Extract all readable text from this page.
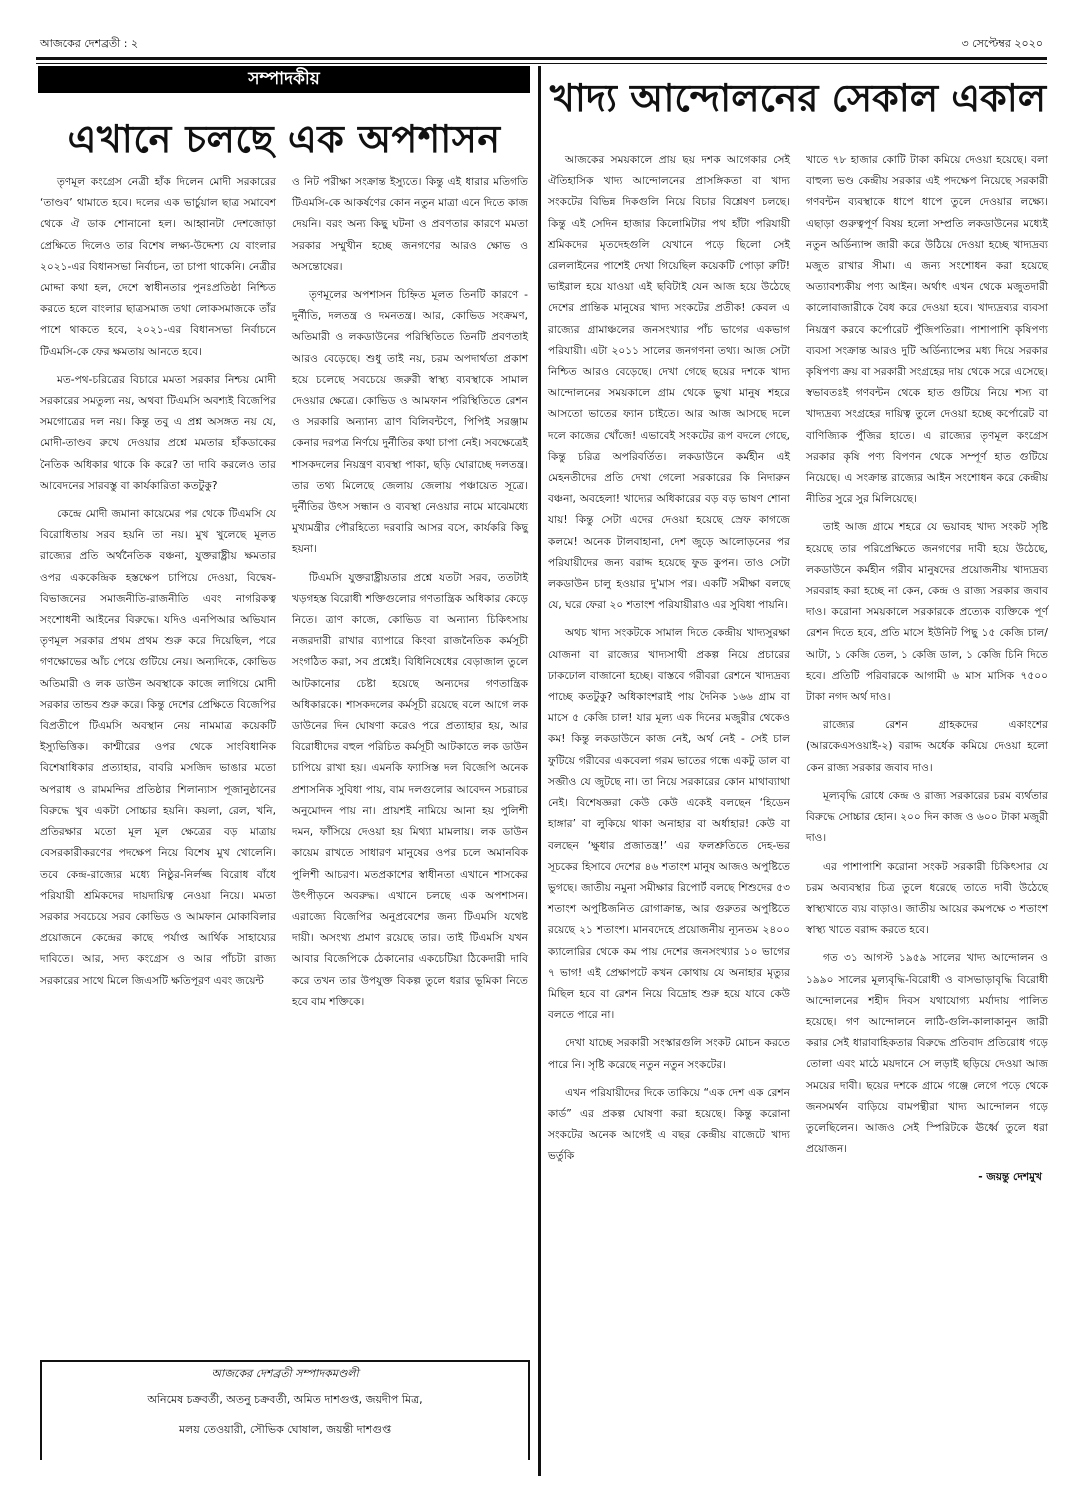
আজকের দেশব্রতী : ২	৩ সেপ্টেম্বর ২০২০
সম্পাদকীয়
এখানে চলছে এক অপশাসন

তৃণমূল কংগ্রেস নেত্রী হাঁক দিলেন মোদী সরকারের ‘তাণ্ডব’ থামাতে হবে। দলের এক ভার্চুয়াল ছাত্র সমাবেশ থেকে ঐ ডাক শোনানো হল। আহ্বানটা দেশজোড়া প্রেক্ষিতে দিলেও তার বিশেষ লক্ষ্য-উদ্দেশ্য যে বাংলার ২০২১-এর বিধানসভা নির্বাচন, তা চাপা থাকেনি। নেত্রীর মোদ্দা কথা হল, দেশে স্বাধীনতার পুনঃপ্রতিষ্ঠা নিশ্চিত করতে হলে বাংলার ছাত্রসমাজ তথা লোকসমাজকে তাঁর পাশে থাকতে হবে, ২০২১-এর বিধানসভা নির্বাচনে টিএমসি-কে ফের ক্ষমতায় আনতে হবে।

মত-পথ-চরিত্রের বিচারে মমতা সরকার নিশ্চয় মোদী সরকারের সমতুল্য নয়, অথবা টিএমসি অবশ্যই বিজেপির সমগোত্রের দল নয়। কিন্তু তবু এ প্রশ্ন অসঙ্গত নয় যে, মোদী-তাণ্ডব রুখে দেওয়ার প্রশ্নে মমতার হাঁকডাকের নৈতিক অধিকার থাকে কি করে? তা দাবি করলেও তার আবেদনের সারবস্তু বা কার্যকারিতা কতটুকু?

কেন্দ্রে মোদী জমানা কায়েমের পর থেকে টিএমসি যে বিরোধিতায় সরব হয়নি তা নয়। মুখ খুলেছে মূলত রাজ্যের প্রতি অর্থনৈতিক বঞ্চনা, যুক্তরাষ্ট্রীয় ক্ষমতার ওপর এককেন্দ্রিক হস্তক্ষেপ চাপিয়ে দেওয়া, বিদ্বেষ-বিভাজনের সমাজনীতি-রাজনীতি এবং নাগরিকত্ব সংশোধনী আইনের বিরুদ্ধে। যদিও এনপিআর অভিযান তৃণমূল সরকার প্রথম প্রথম শুরু করে দিয়েছিল, পরে গণক্ষোভের আঁচ পেয়ে গুটিয়ে নেয়। অন্যদিকে, কোভিড অতিমারী ও লক ডাউন অবস্থাকে কাজে লাগিয়ে মোদী সরকার তান্ডব শুরু করে। কিন্তু দেশের প্রেক্ষিতে বিজেপির বিপ্রতীপে টিএমসি অবস্থান নেয় নামমাত্র কয়েকটি ইস্যুভিত্তিক। কাশ্মীরের ওপর থেকে সাংবিধানিক বিশেষাধিকার প্রত্যাহার, বাবরি মসজিদ ভাঙার মতো অপরাধ ও রামমন্দির প্রতিষ্ঠার শিলান্যাস পূজানুষ্ঠানের বিরুদ্ধে খুব একটা সোচ্চার হয়নি। কয়লা, রেল, খনি, প্রতিরক্ষার মতো মূল মূল ক্ষেত্রের বড় মাত্রায় বেসরকারীকরণের পদক্ষেপ নিয়ে বিশেষ মুখ খোলেনি। তবে কেন্দ্র-রাজ্যের মধ্যে নিষ্ঠুর-নির্লজ্জ বিরোধ বাঁধে পরিযায়ী শ্রমিকদের দায়দায়িত্ব নেওয়া নিয়ে। মমতা সরকার সবচেয়ে সরব কোভিড ও আমফান মোকাবিলার প্রয়োজনে কেন্দ্রের কাছে পর্যাপ্ত আর্থিক সাহায্যের দাবিতে। আর, সদ্য কংগ্রেস ও আর পাঁচটা রাজ্য সরকারের সাথে মিলে জিএসটি ক্ষতিপূরণ এবং জয়েন্ট

ও নিট পরীক্ষা সংক্রান্ত ইস্যুতে। কিন্তু এই ধারার মতিগতি টিএমসি-কে আকর্ষণের কোন নতুন মাত্রা এনে দিতে কাজ দেয়নি। বরং অন্য কিছু ঘটনা ও প্রবণতার কারণে মমতা সরকার সম্মুখীন হচ্ছে জনগণের আরও ক্ষোভ ও অসন্তোষের।

তৃণমূলের অপশাসন চিহ্নিত মূলত তিনটি কারণে - দুর্নীতি, দলতন্ত্র ও দমনতন্ত্র। আর, কোভিড সংক্রমণ, অতিমারী ও লকডাউনের পরিস্থিতিতে তিনটি প্রবণতাই আরও বেড়েছে। শুধু তাই নয়, চরম অপদার্থতা প্রকাশ হয়ে চলেছে সবচেয়ে জরুরী স্বাস্থ্য ব্যবস্থাকে সামাল দেওয়ার ক্ষেত্রে। কোভিড ও আমফান পরিস্থিতিতে রেশন ও সরকারি অন্যান্য ত্রাণ বিলিবন্টণে, পিপিই সরঞ্জাম কেনার দরপত্র নির্ণয়ে দুর্নীতির কথা চাপা নেই। সবক্ষেত্রেই শাসকদলের নিয়ন্ত্রণ ব্যবস্থা পাকা, ছড়ি ঘোরাচ্ছে দলতন্ত্র। তার তথ্য মিলেছে জেলায় জেলায় পঞ্চায়েত সূত্রে। দুর্নীতির উৎস সন্ধান ও ব্যবস্থা নেওয়ার নামে মাঝেমধ্যে মুখ্যমন্ত্রীর পৌরহিত্যে দরবারি আসর বসে, কার্যকরি কিছু হয়না।

টিএমসি যুক্তরাষ্ট্রীয়তার প্রশ্নে যতটা সরব, ততটাই খড়গহস্ত বিরোধী শক্তিগুলোর গণতান্ত্রিক অধিকার কেড়ে নিতে। ত্রাণ কাজে, কোভিড বা অন্যান্য চিকিৎসায় নজরদারী রাখার ব্যাপারে কিংবা রাজনৈতিক কর্মসূচী সংগঠিত করা, সব প্রশ্নেই। বিধিনিষেধের বেড়াজাল তুলে আটকানোর চেষ্টা হয়েছে অন্যদের গণতান্ত্রিক অধিকারকে। শাসকদলের কর্মসূচী রয়েছে বলে আগে লক ডাউনের দিন ঘোষণা করেও পরে প্রত্যাহার হয়, আর বিরোধীদের বহুল পরিচিত কর্মসূচী আটকাতে লক ডাউন চাপিয়ে রাখা হয়। এমনকি ফ্যাসিস্ত দল বিজেপি অনেক প্রশাসনিক সুবিধা পায়, বাম দলগুলোর আবেদন সচরাচর অনুমোদন পায় না। প্রায়শই নামিয়ে আনা হয় পুলিশী দমন, ফাঁসিয়ে দেওয়া হয় মিথ্যা মামলায়। লক ডাউন কায়েম রাখতে সাধারণ মানুষের ওপর চলে অমানবিক পুলিশী আচরণ। মতপ্রকাশের স্বাধীনতা এখানে শাসকের উৎপীড়নে অবরুদ্ধ। এখানে চলছে এক অপশাসন। এরাজ্যে বিজেপির অনুপ্রবেশের জন্য টিএমসি যথেষ্ট দায়ী। অসংখ্য প্রমাণ রয়েছে তার। তাই টিএমসি যখন আবার বিজেপিকে ঠেকানোর একচেটিয়া ঠিকেদারী দাবি করে তখন তার উপযুক্ত বিকল্প তুলে ধরার ভূমিকা নিতে হবে বাম শক্তিকে।

আজকের দেশব্রতী সম্পাদকমণ্ডলী
অনিমেষ চক্রবর্তী, অতনু চক্রবর্তী, অমিত দাশগুপ্ত, জয়দীপ মিত্র,
মলয় তেওয়ারী, সৌভিক ঘোষাল, জয়ন্তী দাশগুপ্ত
খাদ্য আন্দোলনের সেকাল একাল

আজকের সময়কালে প্রায় ছয় দশক আগেকার সেই ঐতিহাসিক খাদ্য আন্দোলনের প্রাসঙ্গিকতা বা খাদ্য সংকটের বিভিন্ন দিকগুলি নিয়ে বিচার বিশ্লেষণ চলছে। কিন্তু এই সেদিন হাজার কিলোমিটার পথ হাঁটা পরিযায়ী শ্রমিকদের মৃতদেহগুলি যেখানে পড়ে ছিলো সেই রেললাইনের পাশেই দেখা গিয়েছিল কয়েকটি পোড়া রুটি! ভাইরাল হয়ে যাওয়া এই ছবিটাই যেন আজ হয়ে উঠেছে দেশের প্রান্তিক মানুষের খাদ্য সংকটের প্রতীক! কেবল এ রাজ্যের গ্রামাঞ্চলের জনসংখ্যার পাঁচ ভাগের একভাগ পরিযায়ী। এটা ২০১১ সালের জনগণনা তথ্য। আজ সেটা নিশ্চিত আরও বেড়েছে। দেখা গেছে ছয়ের দশকে খাদ্য আন্দোলনের সময়কালে গ্রাম থেকে ভুখা মানুষ শহরে আসতো ভাতের ফ্যান চাইতে। আর আজ আসছে দলে দলে কাজের খোঁজে! এভাবেই সংকটের রূপ বদলে গেছে, কিন্তু চরিত্র অপরিবর্তিত। লকডাউনে কর্মহীন এই মেহনতীদের প্রতি দেখা গেলো সরকারের কি নিদারুন বঞ্চনা, অবহেলা! খাদ্যের অধিকারের বড় বড় ভাষণ শোনা যায়! কিন্তু সেটা এদের দেওয়া হয়েছে স্রেফ কাগজে কলমে! অনেক টালবাহানা, দেশ জুড়ে আলোড়নের পর পরিযায়ীদের জন্য বরাদ্দ হয়েছে ফুড কুপন। তাও সেটা লকডাউন চালু হওয়ার দু'মাস পর। একটি সমীক্ষা বলছে যে, ঘরে ফেরা ২০ শতাংশ পরিযায়ীরাও এর সুবিধা পায়নি।

অথচ খাদ্য সংকটকে সামাল দিতে কেন্দ্রীয় খাদ্যসুরক্ষা যোজনা বা রাজ্যের খাদ্যসাথী প্রকল্প নিয়ে প্রচারের ঢাকঢোল বাজানো হচ্ছে। বাস্তবে গরীবরা রেশনে খাদ্যদ্রব্য পাচ্ছে কতটুকু? অধিকাংশরাই পায় দৈনিক ১৬৬ গ্রাম বা মাসে ৫ কেজি চাল! যার মূল্য এক দিনের মজুরীর থেকেও কম! কিন্তু লকডাউনে কাজ নেই, অর্থ নেই - সেই চাল ফুটিয়ে গরীবের একবেলা গরম ভাতের গন্ধে একটু ডাল বা সব্জীও যে জুটছে না। তা নিয়ে সরকারের কোন মাথাব্যাথা নেই। বিশেষজ্ঞরা কেউ কেউ একেই বলছেন ‘হিডেন হাঙ্গার’ বা লুকিয়ে থাকা অনাহার বা অর্ধাহার! কেউ বা বলছেন ‘ক্ষুধার প্রজাতন্ত্র!’ এর ফলশ্রুতিতে দেহ-ভর সূচকের হিসাবে দেশের ৪৬ শতাংশ মানুষ আজও অপুষ্টিতে ভুগছে। জাতীয় নমুনা সমীক্ষার রিপোর্ট বলছে শিশুদের ৫৩ শতাংশ অপুষ্টিজনিত রোগাক্রান্ত, আর গুরুতর অপুষ্টিতে রয়েছে ২১ শতাংশ। মানবদেহে প্রয়োজনীয় ন্যূনতম ২৪০০ ক্যালোরির থেকে কম পায় দেশের জনসংখ্যার ১০ ভাগের ৭ ভাগ! এই প্রেক্ষাপটে কখন কোথায় যে অনাহার মৃত্যুর মিছিল হবে বা রেশন নিয়ে বিদ্রোহ শুরু হয়ে যাবে কেউ বলতে পারে না।

দেখা যাচ্ছে সরকারী সংস্কারগুলি সংকট মোচন করতে পারে নি। সৃষ্টি করেছে নতুন নতুন সংকটের।

এখন পরিযায়ীদের দিকে তাকিয়ে “এক দেশ এক রেশন কার্ড” এর প্রকল্প ঘোষণা করা হয়েছে। কিন্তু করোনা সংকটের অনেক আগেই এ বছর কেন্দ্রীয় বাজেটে খাদ্য ভর্তুকি

খাতে ৭৮ হাজার কোটি টাকা কমিয়ে দেওয়া হয়েছে। বলা বাহুল্য ভণ্ড কেন্দ্রীয় সরকার এই পদক্ষেপ নিয়েছে সরকারী গণবন্টন ব্যবস্থাকে ধাপে ধাপে তুলে দেওয়ার লক্ষ্যে। এছাড়া গুরুত্বপূর্ণ বিষয় হলো সম্প্রতি লকডাউনের মধ্যেই নতুন অর্ডিন্যান্স জারী করে উঠিয়ে দেওয়া হচ্ছে খাদ্যদ্রব্য মজুত রাখার সীমা। এ জন্য সংশোধন করা হয়েছে অত্যাবশ্যকীয় পণ্য আইন। অর্থাৎ এখন থেকে মজুতদারী কালোবাজারীকে বৈধ করে দেওয়া হবে। খাদ্যদ্রব্যর ব্যবসা নিয়ন্ত্রণ করবে কর্পোরেট পুঁজিপতিরা। পাশাপাশি কৃষিপণ্য ব্যবসা সংক্রান্ত আরও দুটি অর্ডিন্যান্সের মধ্য দিয়ে সরকার কৃষিপণ্য ক্রয় বা সরকারী সংগ্রহের দায় থেকে সরে এসেছে। স্বভাবতঃই গণবন্টন থেকে হাত গুটিয়ে নিয়ে শস্য বা খাদ্যদ্রব্য সংগ্রহের দায়িত্ব তুলে দেওয়া হচ্ছে কর্পোরেট বা বাণিজ্যিক পুঁজির হাতে। এ রাজ্যের তৃণমূল কংগ্রেস সরকার কৃষি পণ্য বিপণন থেকে সম্পূর্ণ হাত গুটিয়ে নিয়েছে। এ সংক্রান্ত রাজ্যের আইন সংশোধন করে কেন্দ্রীয় নীতির সুরে সুর মিলিয়েছে।

তাই আজ গ্রামে শহরে যে ভয়াবহ খাদ্য সংকট সৃষ্টি হয়েছে তার পরিপ্রেক্ষিতে জনগণের দাবী হয়ে উঠেছে, লকডাউনে কর্মহীন গরীব মানুষদের প্রয়োজনীয় খাদ্যদ্রব্য সরবরাহ করা হচ্ছে না কেন, কেন্দ্র ও রাজ্য সরকার জবাব দাও। করোনা সময়কালে সরকারকে প্রত্যেক ব্যক্তিকে পূর্ণ রেশন দিতে হবে, প্রতি মাসে ইউনিট পিছু ১৫ কেজি চাল/আটা, ১ কেজি তেল, ১ কেজি ডাল, ১ কেজি চিনি দিতে হবে। প্রতিটি পরিবারকে আগামী ৬ মাস মাসিক ৭৫০০ টাকা নগদ অর্থ দাও।

রাজ্যের রেশন গ্রাহকদের একাংশের (আরকেএসওয়াই-২) বরাদ্দ অর্ধেক কমিয়ে দেওয়া হলো কেন রাজ্য সরকার জবাব দাও।

মূল্যবৃদ্ধি রোধে কেন্দ্র ও রাজ্য সরকারের চরম ব্যর্থতার বিরুদ্ধে সোচ্চার হোন। ২০০ দিন কাজ ও ৬০০ টাকা মজুরী দাও।

এর পাশাপাশি করোনা সংকট সরকারী চিকিৎসার যে চরম অব্যবস্থার চিত্র তুলে ধরেছে তাতে দাবী উঠেছে স্বাস্থ্যখাতে ব্যয় বাড়াও। জাতীয় আয়ের কমপক্ষে ৩ শতাংশ স্বাস্থ্য খাতে বরাদ্দ করতে হবে।

গত ৩১ আগস্ট ১৯৫৯ সালের খাদ্য আন্দোলন ও ১৯৯০ সালের মূল্যবৃদ্ধি-বিরোধী ও বাসভাড়াবৃদ্ধি বিরোধী আন্দোলনের শহীদ দিবস যথাযোগ্য মর্যাদায় পালিত হয়েছে। গণ আন্দোলনে লাঠি-গুলি-কালাকানুন জারী করার সেই ধারাবাহিকতার বিরুদ্ধে প্রতিবাদ প্রতিরোধ গড়ে তোলা এবং মাঠে ময়দানে সে লড়াই ছড়িয়ে দেওয়া আজ সময়ের দাবী। ছয়ের দশকে গ্রামে গঞ্জে লেগে পড়ে থেকে জনসমর্থন বাড়িয়ে বামপন্থীরা খাদ্য আন্দোলন গড়ে তুলেছিলেন। আজও সেই স্পিরিটকে ঊর্ধ্বে তুলে ধরা প্রয়োজন।

- জয়ন্তু দেশমুখ
